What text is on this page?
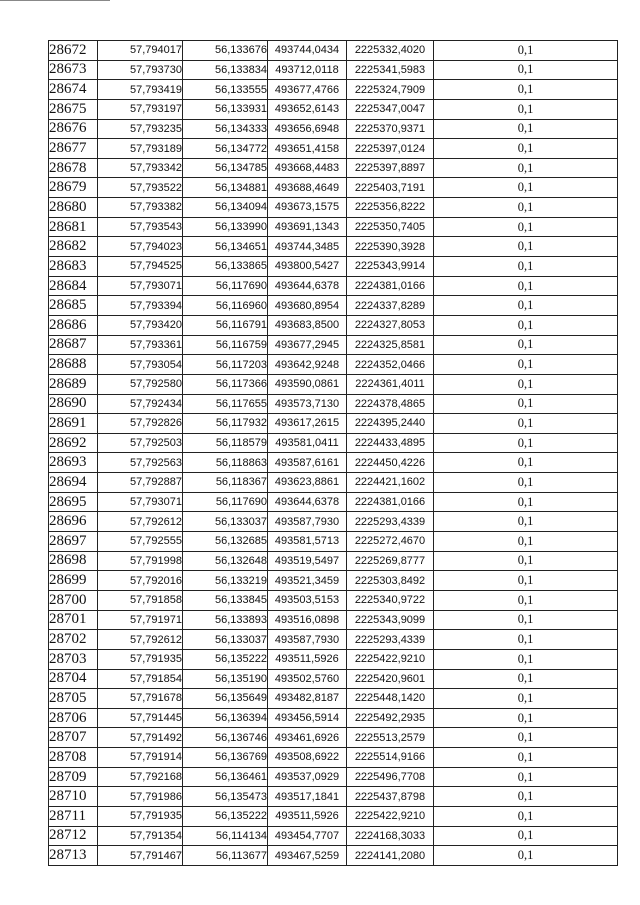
28672	57,794017	56,133676	493744,0434	2225332,4020	0,1
28673	57,793730	56,133834	493712,0118	2225341,5983	0,1
28674	57,793419	56,133555	493677,4766	2225324,7909	0,1
28675	57,793197	56,133931	493652,6143	2225347,0047	0,1
28676	57,793235	56,134333	493656,6948	2225370,9371	0,1
28677	57,793189	56,134772	493651,4158	2225397,0124	0,1
28678	57,793342	56,134785	493668,4483	2225397,8897	0,1
28679	57,793522	56,134881	493688,4649	2225403,7191	0,1
28680	57,793382	56,134094	493673,1575	2225356,8222	0,1
28681	57,793543	56,133990	493691,1343	2225350,7405	0,1
28682	57,794023	56,134651	493744,3485	2225390,3928	0,1
28683	57,794525	56,133865	493800,5427	2225343,9914	0,1
28684	57,793071	56,117690	493644,6378	2224381,0166	0,1
28685	57,793394	56,116960	493680,8954	2224337,8289	0,1
28686	57,793420	56,116791	493683,8500	2224327,8053	0,1
28687	57,793361	56,116759	493677,2945	2224325,8581	0,1
28688	57,793054	56,117203	493642,9248	2224352,0466	0,1
28689	57,792580	56,117366	493590,0861	2224361,4011	0,1
28690	57,792434	56,117655	493573,7130	2224378,4865	0,1
28691	57,792826	56,117932	493617,2615	2224395,2440	0,1
28692	57,792503	56,118579	493581,0411	2224433,4895	0,1
28693	57,792563	56,118863	493587,6161	2224450,4226	0,1
28694	57,792887	56,118367	493623,8861	2224421,1602	0,1
28695	57,793071	56,117690	493644,6378	2224381,0166	0,1
28696	57,792612	56,133037	493587,7930	2225293,4339	0,1
28697	57,792555	56,132685	493581,5713	2225272,4670	0,1
28698	57,791998	56,132648	493519,5497	2225269,8777	0,1
28699	57,792016	56,133219	493521,3459	2225303,8492	0,1
28700	57,791858	56,133845	493503,5153	2225340,9722	0,1
28701	57,791971	56,133893	493516,0898	2225343,9099	0,1
28702	57,792612	56,133037	493587,7930	2225293,4339	0,1
28703	57,791935	56,135222	493511,5926	2225422,9210	0,1
28704	57,791854	56,135190	493502,5760	2225420,9601	0,1
28705	57,791678	56,135649	493482,8187	2225448,1420	0,1
28706	57,791445	56,136394	493456,5914	2225492,2935	0,1
28707	57,791492	56,136746	493461,6926	2225513,2579	0,1
28708	57,791914	56,136769	493508,6922	2225514,9166	0,1
28709	57,792168	56,136461	493537,0929	2225496,7708	0,1
28710	57,791986	56,135473	493517,1841	2225437,8798	0,1
28711	57,791935	56,135222	493511,5926	2225422,9210	0,1
28712	57,791354	56,114134	493454,7707	2224168,3033	0,1
28713	57,791467	56,113677	493467,5259	2224141,2080	0,1
